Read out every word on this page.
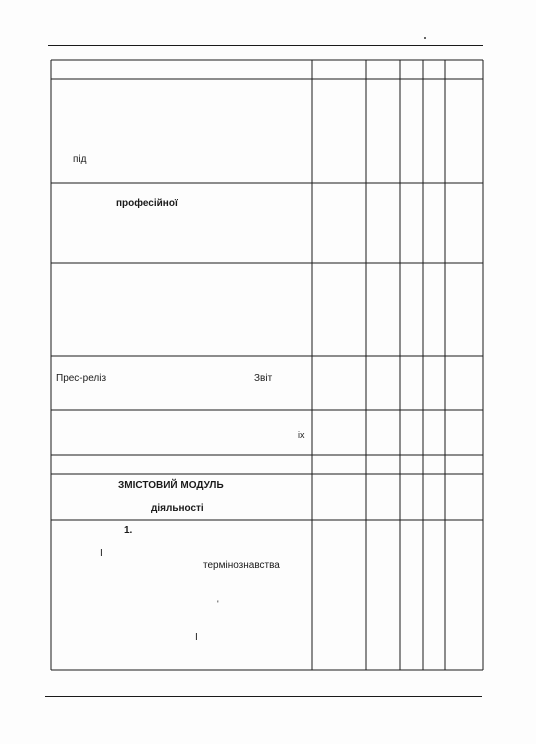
під
професійної
Прес-реліз	Звіт
іх
ЗМІСТОВИЙ МОДУЛЬ
діяльності
1.
І
термінознавства
'
І
